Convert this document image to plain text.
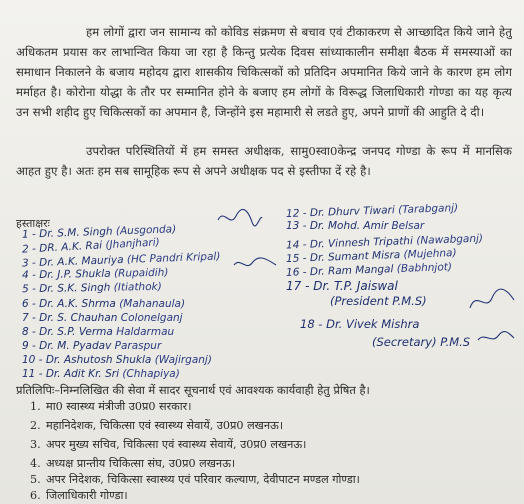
हम लोगों द्वारा जन सामान्य को कोविड संक्रमण से बचाव एवं टीकाकरण से आच्छादित किये जाने हेतु अधिकतम प्रयास कर लाभान्वित किया जा रहा है किन्तु प्रत्येक दिवस सांध्याकालीन समीक्षा बैठक में समस्याओं का समाधान निकालने के बजाय महोदय द्वारा शासकीय चिकित्सकों को प्रतिदिन अपमानित किये जाने के कारण हम लोग मर्माहत है। कोरोना योद्धा के तौर पर सम्मानित होने के बजाए हम लोगों के विरूद्ध जिलाधिकारी गोण्डा का यह कृत्य उन सभी शहीद हुए चिकित्सकों का अपमान है, जिन्होंने इस महामारी से लडते हुए, अपने प्राणों की आहुति दे दी।

उपरोक्त परिस्थितियों में हम समस्त अधीक्षक, सामु0स्वा0केन्द्र जनपद गोण्डा के रूप में मानसिक आहत हुए है। अतः हम सब सामूहिक रूप से अपने अधीक्षक पद से इस्तीफा दें रहे है।

हस्ताक्षरः
1 - Dr. S.M. Singh (Ausgonda)
2 - DR. A.K. Rai (Jhanjhari)
3 - Dr. A.K. Mauriya (HC Pandri Kripal)
4 - Dr. J.P. Shukla (Rupaidih)
5 - Dr. S.K. Singh (Itiathok)
6 - Dr. A.K. Shrma (Mahanaula)
7 - Dr. S. Chauhan Colonelganj
8 - Dr. S.P. Verma Haldarmau
9 - Dr. M. Pyadav Paraspur
10 - Dr. Ashutosh Shukla (Wajirganj)
11 - Dr. Adit Kr. Sri (Chhapiya)
12 - Dr. Dhurv Tiwari (Tarabganj)
13 - Dr. Mohd. Amir Belsar
14 - Dr. Vinnesh Tripathi (Nawabganj)
15 - Dr. Sumant Misra (Mujehna)
16 - Dr. Ram Mangal (Babhnjot)
17 - Dr. T.P. Jaiswal
(President P.M.S)
18 - Dr. Vivek Mishra
(Secretary) P.M.S
प्रतिलिपिः–निम्नलिखित की सेवा में सादर सूचनार्थ एवं आवश्यक कार्यवाही हेतु प्रेषित है।
1. मा0 स्वास्थ्य मंत्रीजी उ0प्र0 सरकार।
2. महानिदेशक, चिकित्सा एवं स्वास्थ्य सेवायें, उ0प्र0 लखनऊ।
3. अपर मुख्य सचिव, चिकित्सा एवं स्वास्थ्य सेवायें, उ0प्र0 लखनऊ।
4. अध्यक्ष प्रान्तीय चिकित्सा संघ, उ0प्र0 लखनऊ।
5. अपर निदेशक, चिकित्सा स्वास्थ्य एवं परिवार कल्याण, देवीपाटन मण्डल गोण्डा।
6. जिलाधिकारी गोण्डा।
